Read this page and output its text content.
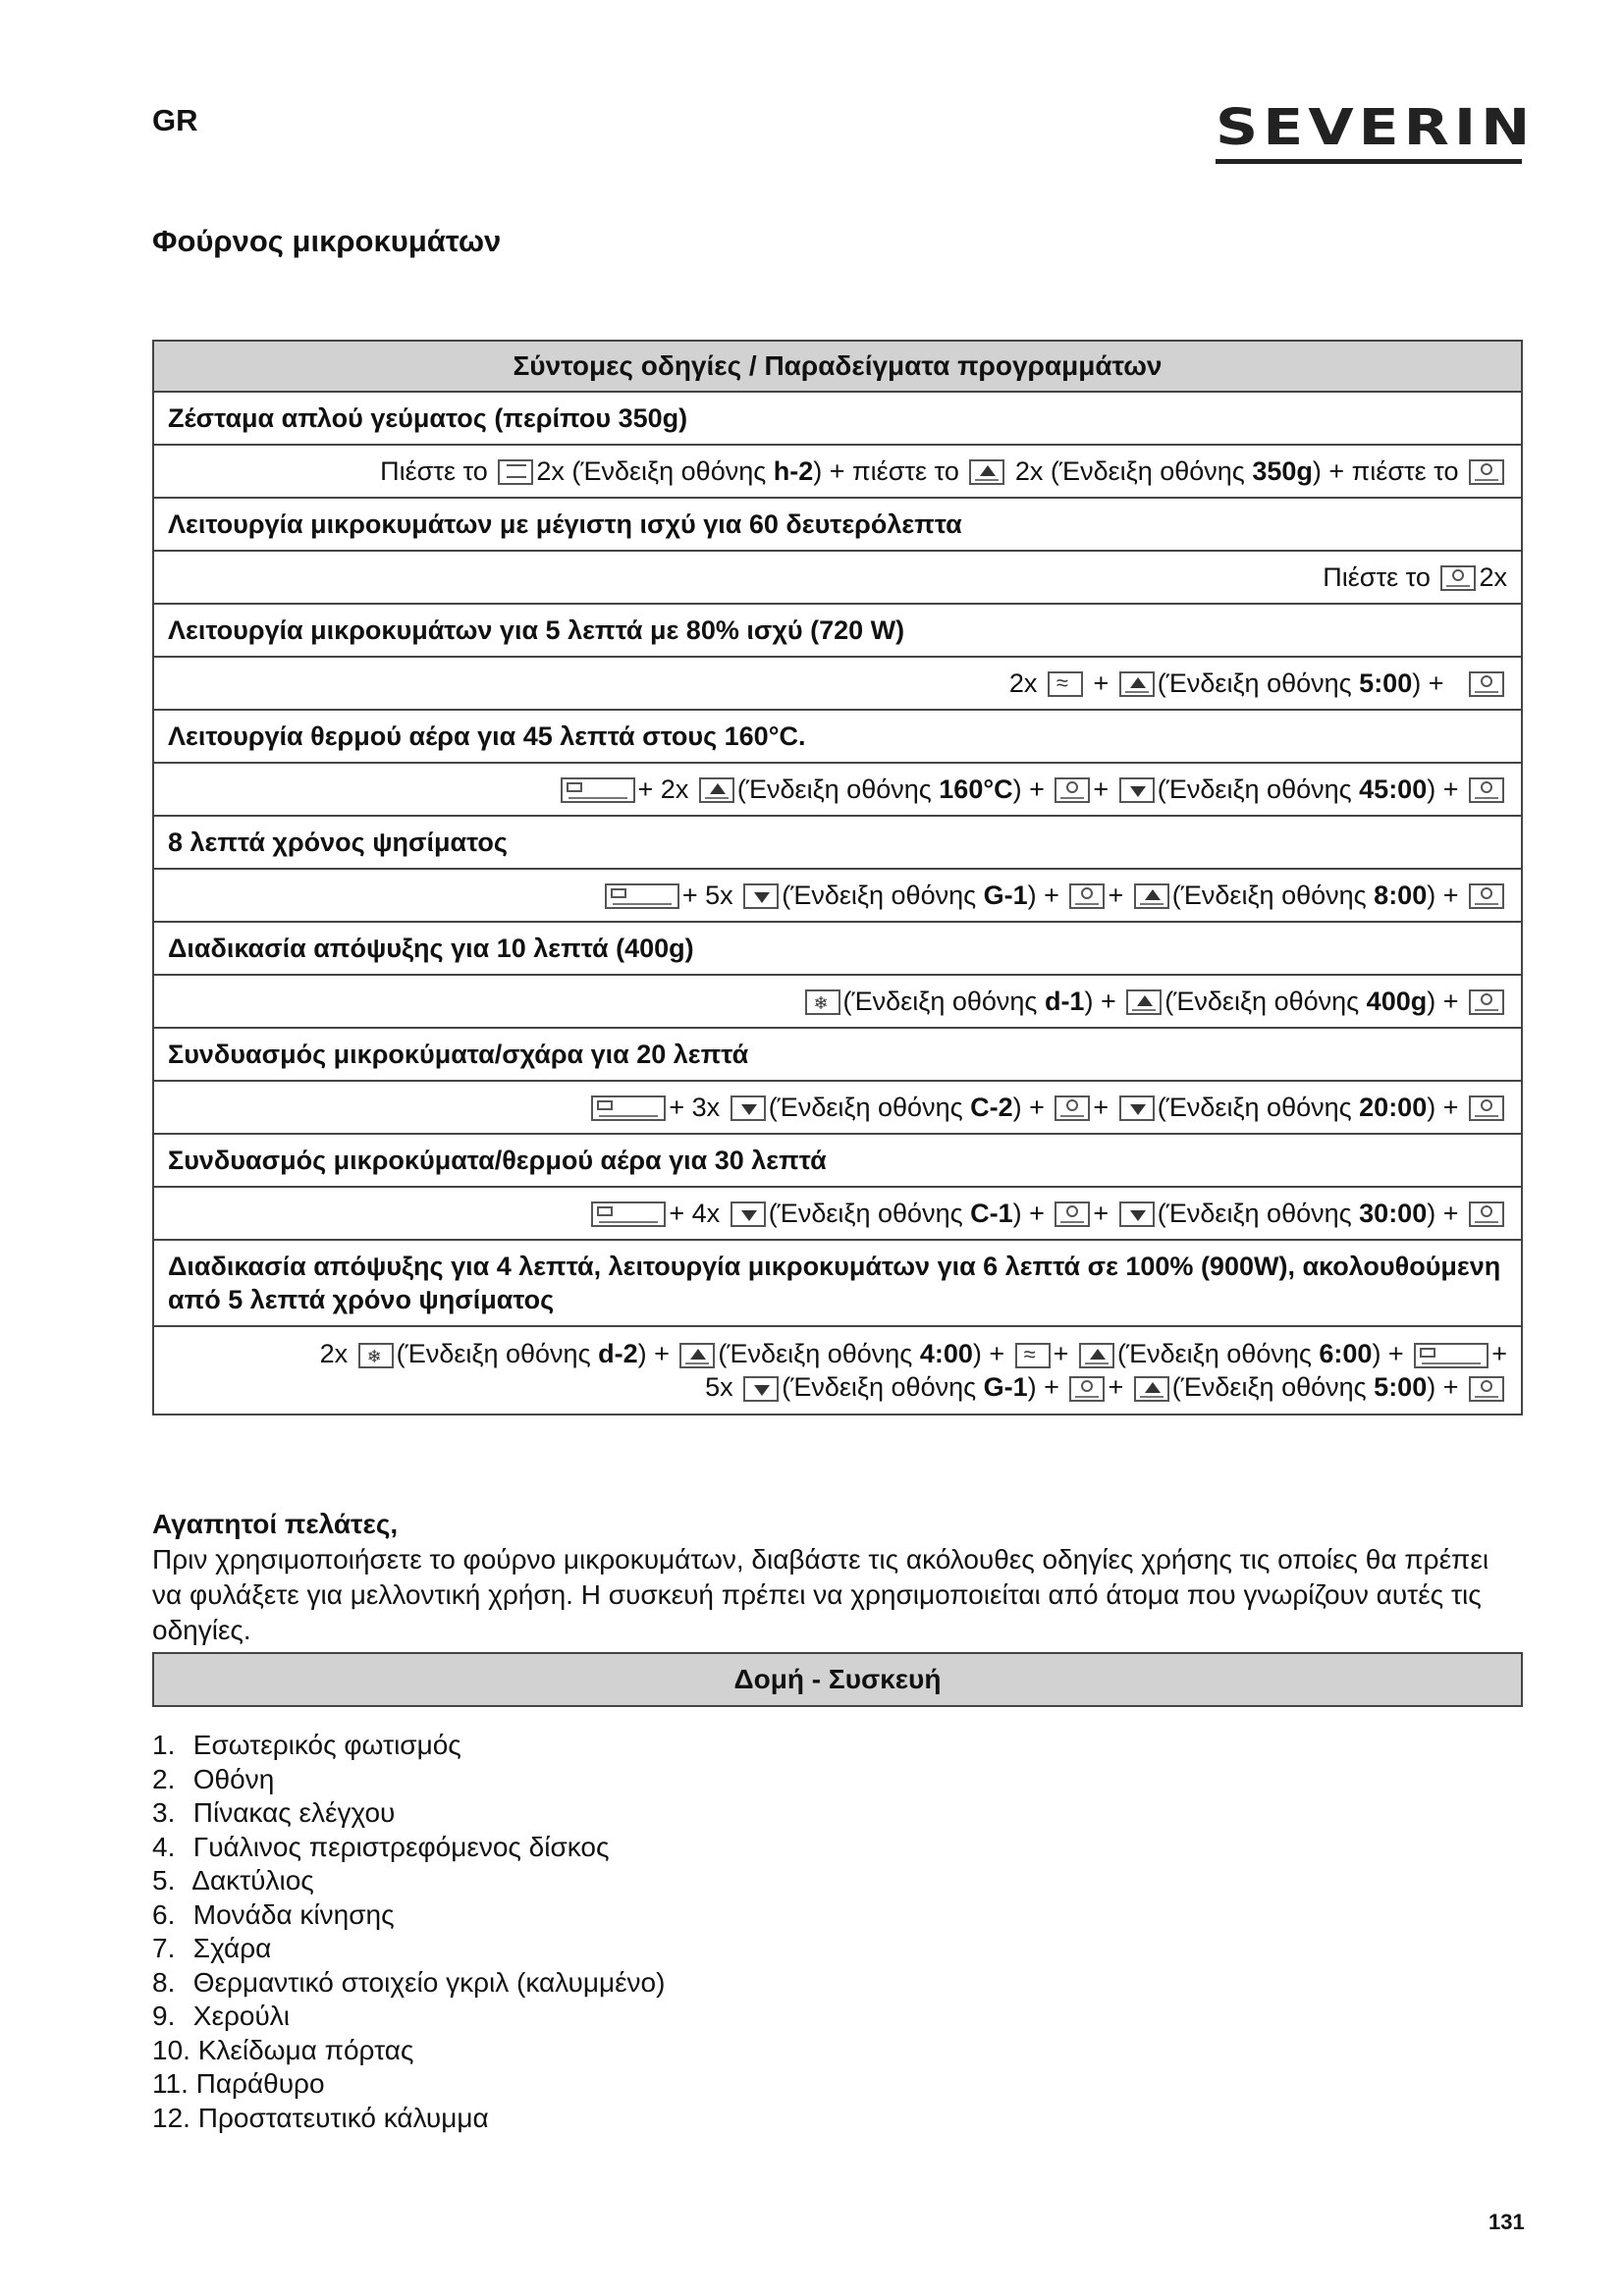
GR	SEVERIN
Φούρνος μικροκυμάτων
Σύντομες οδηγίες / Παραδείγματα προγραμμάτων
Ζέσταμα απλού γεύματος (περίπου 350g)
Πιέστε το 2x (Ένδειξη οθόνης h-2) + πιέστε το 2x (Ένδειξη οθόνης 350g) + πιέστε το
Λειτουργία μικροκυμάτων με μέγιστη ισχύ για 60 δευτερόλεπτα
Πιέστε το 2x
Λειτουργία μικροκυμάτων για 5 λεπτά με 80% ισχύ (720 W)
2x ≈ + (Ένδειξη οθόνης 5:00) +
Λειτουργία θερμού αέρα για 45 λεπτά στους 160°C.
+ 2x (Ένδειξη οθόνης 160°C) + + (Ένδειξη οθόνης 45:00) +
8 λεπτά χρόνος ψησίματος
+ 5x (Ένδειξη οθόνης G-1) + + (Ένδειξη οθόνης 8:00) +
Διαδικασία απόψυξης για 10 λεπτά (400g)
❄(Ένδειξη οθόνης d-1) + (Ένδειξη οθόνης 400g) +
Συνδυασμός μικροκύματα/σχάρα για 20 λεπτά
+ 3x (Ένδειξη οθόνης C-2) + + (Ένδειξη οθόνης 20:00) +
Συνδυασμός μικροκύματα/θερμού αέρα για 30 λεπτά
+ 4x (Ένδειξη οθόνης C-1) + + (Ένδειξη οθόνης 30:00) +
Διαδικασία απόψυξης για 4 λεπτά, λειτουργία μικροκυμάτων για 6 λεπτά σε 100% (900W), ακολουθούμενη από 5 λεπτά χρόνο ψησίματος

2x ❄ (Ένδειξη οθόνης d-2) + (Ένδειξη οθόνης 4:00) + ≈ + (Ένδειξη οθόνης 6:00) +	+
5x (Ένδειξη οθόνης G-1) + + (Ένδειξη οθόνης 5:00) +
Αγαπητοί πελάτες,
Πριν χρησιμοποιήσετε το φούρνο μικροκυμάτων, διαβάστε τις ακόλουθες οδηγίες χρήσης τις οποίες θα πρέπει να φυλάξετε για μελλοντική χρήση. Η συσκευή πρέπει να χρησιμοποιείται από άτομα που γνωρίζουν αυτές τις οδηγίες.
Δομή - Συσκευή
1. Εσωτερικός φωτισμός
2. Οθόνη
3. Πίνακας ελέγχου
4. Γυάλινος περιστρεφόμενος δίσκος
5. Δακτύλιος
6. Μονάδα κίνησης
7. Σχάρα
8. Θερμαντικό στοιχείο γκριλ (καλυμμένο)
9. Χερούλι
10. Κλείδωμα πόρτας
11. Παράθυρο
12. Προστατευτικό κάλυμμα
131
